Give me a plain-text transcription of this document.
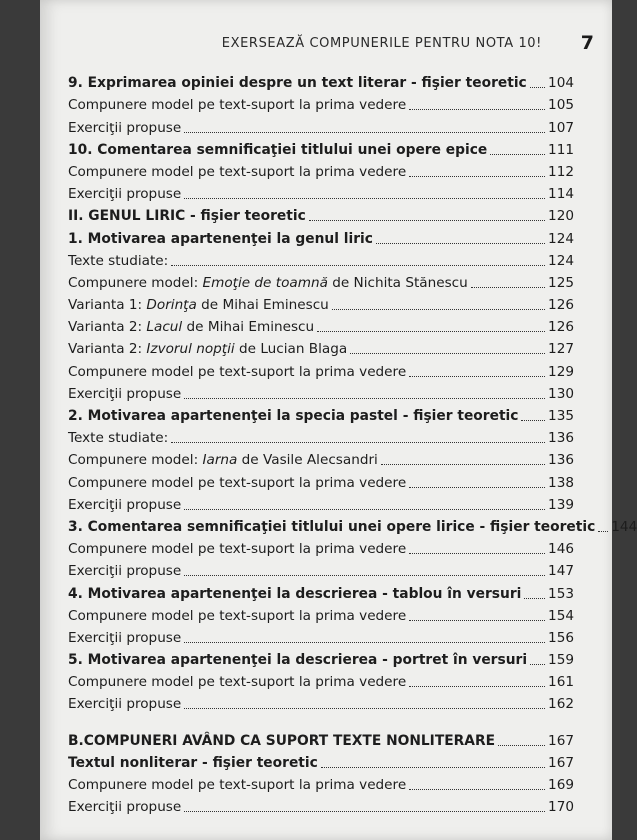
EXERSEAZĂ COMPUNERILE PENTRU NOTA 10! 7
9. Exprimarea opiniei despre un text literar - fişier teoretic 104
Compunere model pe text-suport la prima vedere	105
Exerciţii propuse	107
10. Comentarea semnificaţiei titlului unei opere epice	111
Compunere model pe text-suport la prima vedere	112
Exerciţii propuse	114
II. GENUL LIRIC - fişier teoretic	120
1. Motivarea apartenenţei la genul liric	124
Texte studiate:	124
Compunere model: Emoţie de toamnă de Nichita Stănescu	125
Varianta 1: Dorinţa de Mihai Eminescu	126
Varianta 2: Lacul de Mihai Eminescu	126
Varianta 2: Izvorul nopţii de Lucian Blaga	127
Compunere model pe text-suport la prima vedere	129
Exerciţii propuse	130
2. Motivarea apartenenţei la specia pastel - fişier teoretic 135
Texte studiate:	136
Compunere model: Iarna de Vasile Alecsandri	136
Compunere model pe text-suport la prima vedere	138
Exerciţii propuse	139
3. Comentarea semnificaţiei titlului unei opere lirice - fişier teoretic 144
Compunere model pe text-suport la prima vedere	146
Exerciţii propuse	147
4. Motivarea apartenenţei la descrierea - tablou în versuri 153
Compunere model pe text-suport la prima vedere	154
Exerciţii propuse	156
5. Motivarea apartenenţei la descrierea - portret în versuri 159
Compunere model pe text-suport la prima vedere	161
Exerciţii propuse	162
B.COMPUNERI AVÂND CA SUPORT TEXTE NONLITERARE	167
Textul nonliterar - fişier teoretic	167
Compunere model pe text-suport la prima vedere	169
Exerciţii propuse	170
